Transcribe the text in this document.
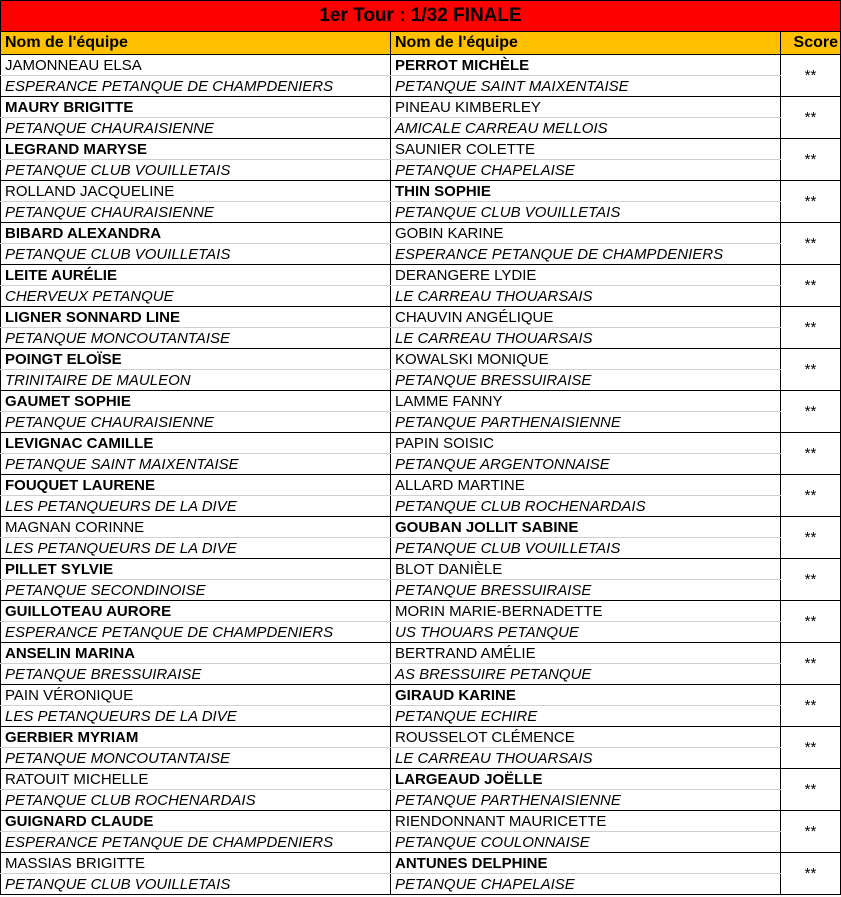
1er Tour : 1/32 FINALE		
Nom de l'équipe	Nom de l'équipe	Score
JAMONNEAU ELSA	PERROT MICHÈLE	**
ESPERANCE PETANQUE DE CHAMPDENIERS	PETANQUE SAINT MAIXENTAISE	
MAURY BRIGITTE	PINEAU KIMBERLEY	**
PETANQUE CHAURAISIENNE	AMICALE CARREAU MELLOIS	
LEGRAND MARYSE	SAUNIER COLETTE	**
PETANQUE CLUB VOUILLETAIS	PETANQUE CHAPELAISE	
ROLLAND JACQUELINE	THIN SOPHIE	**
PETANQUE CHAURAISIENNE	PETANQUE CLUB VOUILLETAIS	
BIBARD ALEXANDRA	GOBIN KARINE	**
PETANQUE CLUB VOUILLETAIS	ESPERANCE PETANQUE DE CHAMPDENIERS	
LEITE AURÉLIE	DERANGERE LYDIE	**
CHERVEUX PETANQUE	LE CARREAU THOUARSAIS	
LIGNER SONNARD LINE	CHAUVIN ANGÉLIQUE	**
PETANQUE MONCOUTANTAISE	LE CARREAU THOUARSAIS	
POINGT ELOÏSE	KOWALSKI MONIQUE	**
TRINITAIRE DE MAULEON	PETANQUE BRESSUIRAISE	
GAUMET SOPHIE	LAMME FANNY	**
PETANQUE CHAURAISIENNE	PETANQUE PARTHENAISIENNE	
LEVIGNAC CAMILLE	PAPIN SOISIC	**
PETANQUE SAINT MAIXENTAISE	PETANQUE ARGENTONNAISE	
FOUQUET LAURENE	ALLARD MARTINE	**
LES PETANQUEURS DE LA DIVE	PETANQUE CLUB ROCHENARDAIS	
MAGNAN CORINNE	GOUBAN JOLLIT SABINE	**
LES PETANQUEURS DE LA DIVE	PETANQUE CLUB VOUILLETAIS	
PILLET SYLVIE	BLOT DANIÈLE	**
PETANQUE SECONDINOISE	PETANQUE BRESSUIRAISE	
GUILLOTEAU AURORE	MORIN MARIE-BERNADETTE	**
ESPERANCE PETANQUE DE CHAMPDENIERS	US THOUARS PETANQUE	
ANSELIN MARINA	BERTRAND AMÉLIE	**
PETANQUE BRESSUIRAISE	AS BRESSUIRE PETANQUE	
PAIN VÉRONIQUE	GIRAUD KARINE	**
LES PETANQUEURS DE LA DIVE	PETANQUE ECHIRE	
GERBIER MYRIAM	ROUSSELOT CLÉMENCE	**
PETANQUE MONCOUTANTAISE	LE CARREAU THOUARSAIS	
RATOUIT MICHELLE	LARGEAUD JOËLLE	**
PETANQUE CLUB ROCHENARDAIS	PETANQUE PARTHENAISIENNE	
GUIGNARD CLAUDE	RIENDONNANT MAURICETTE	**
ESPERANCE PETANQUE DE CHAMPDENIERS	PETANQUE COULONNAISE	
MASSIAS BRIGITTE	ANTUNES DELPHINE	**
PETANQUE CLUB VOUILLETAIS	PETANQUE CHAPELAISE	
